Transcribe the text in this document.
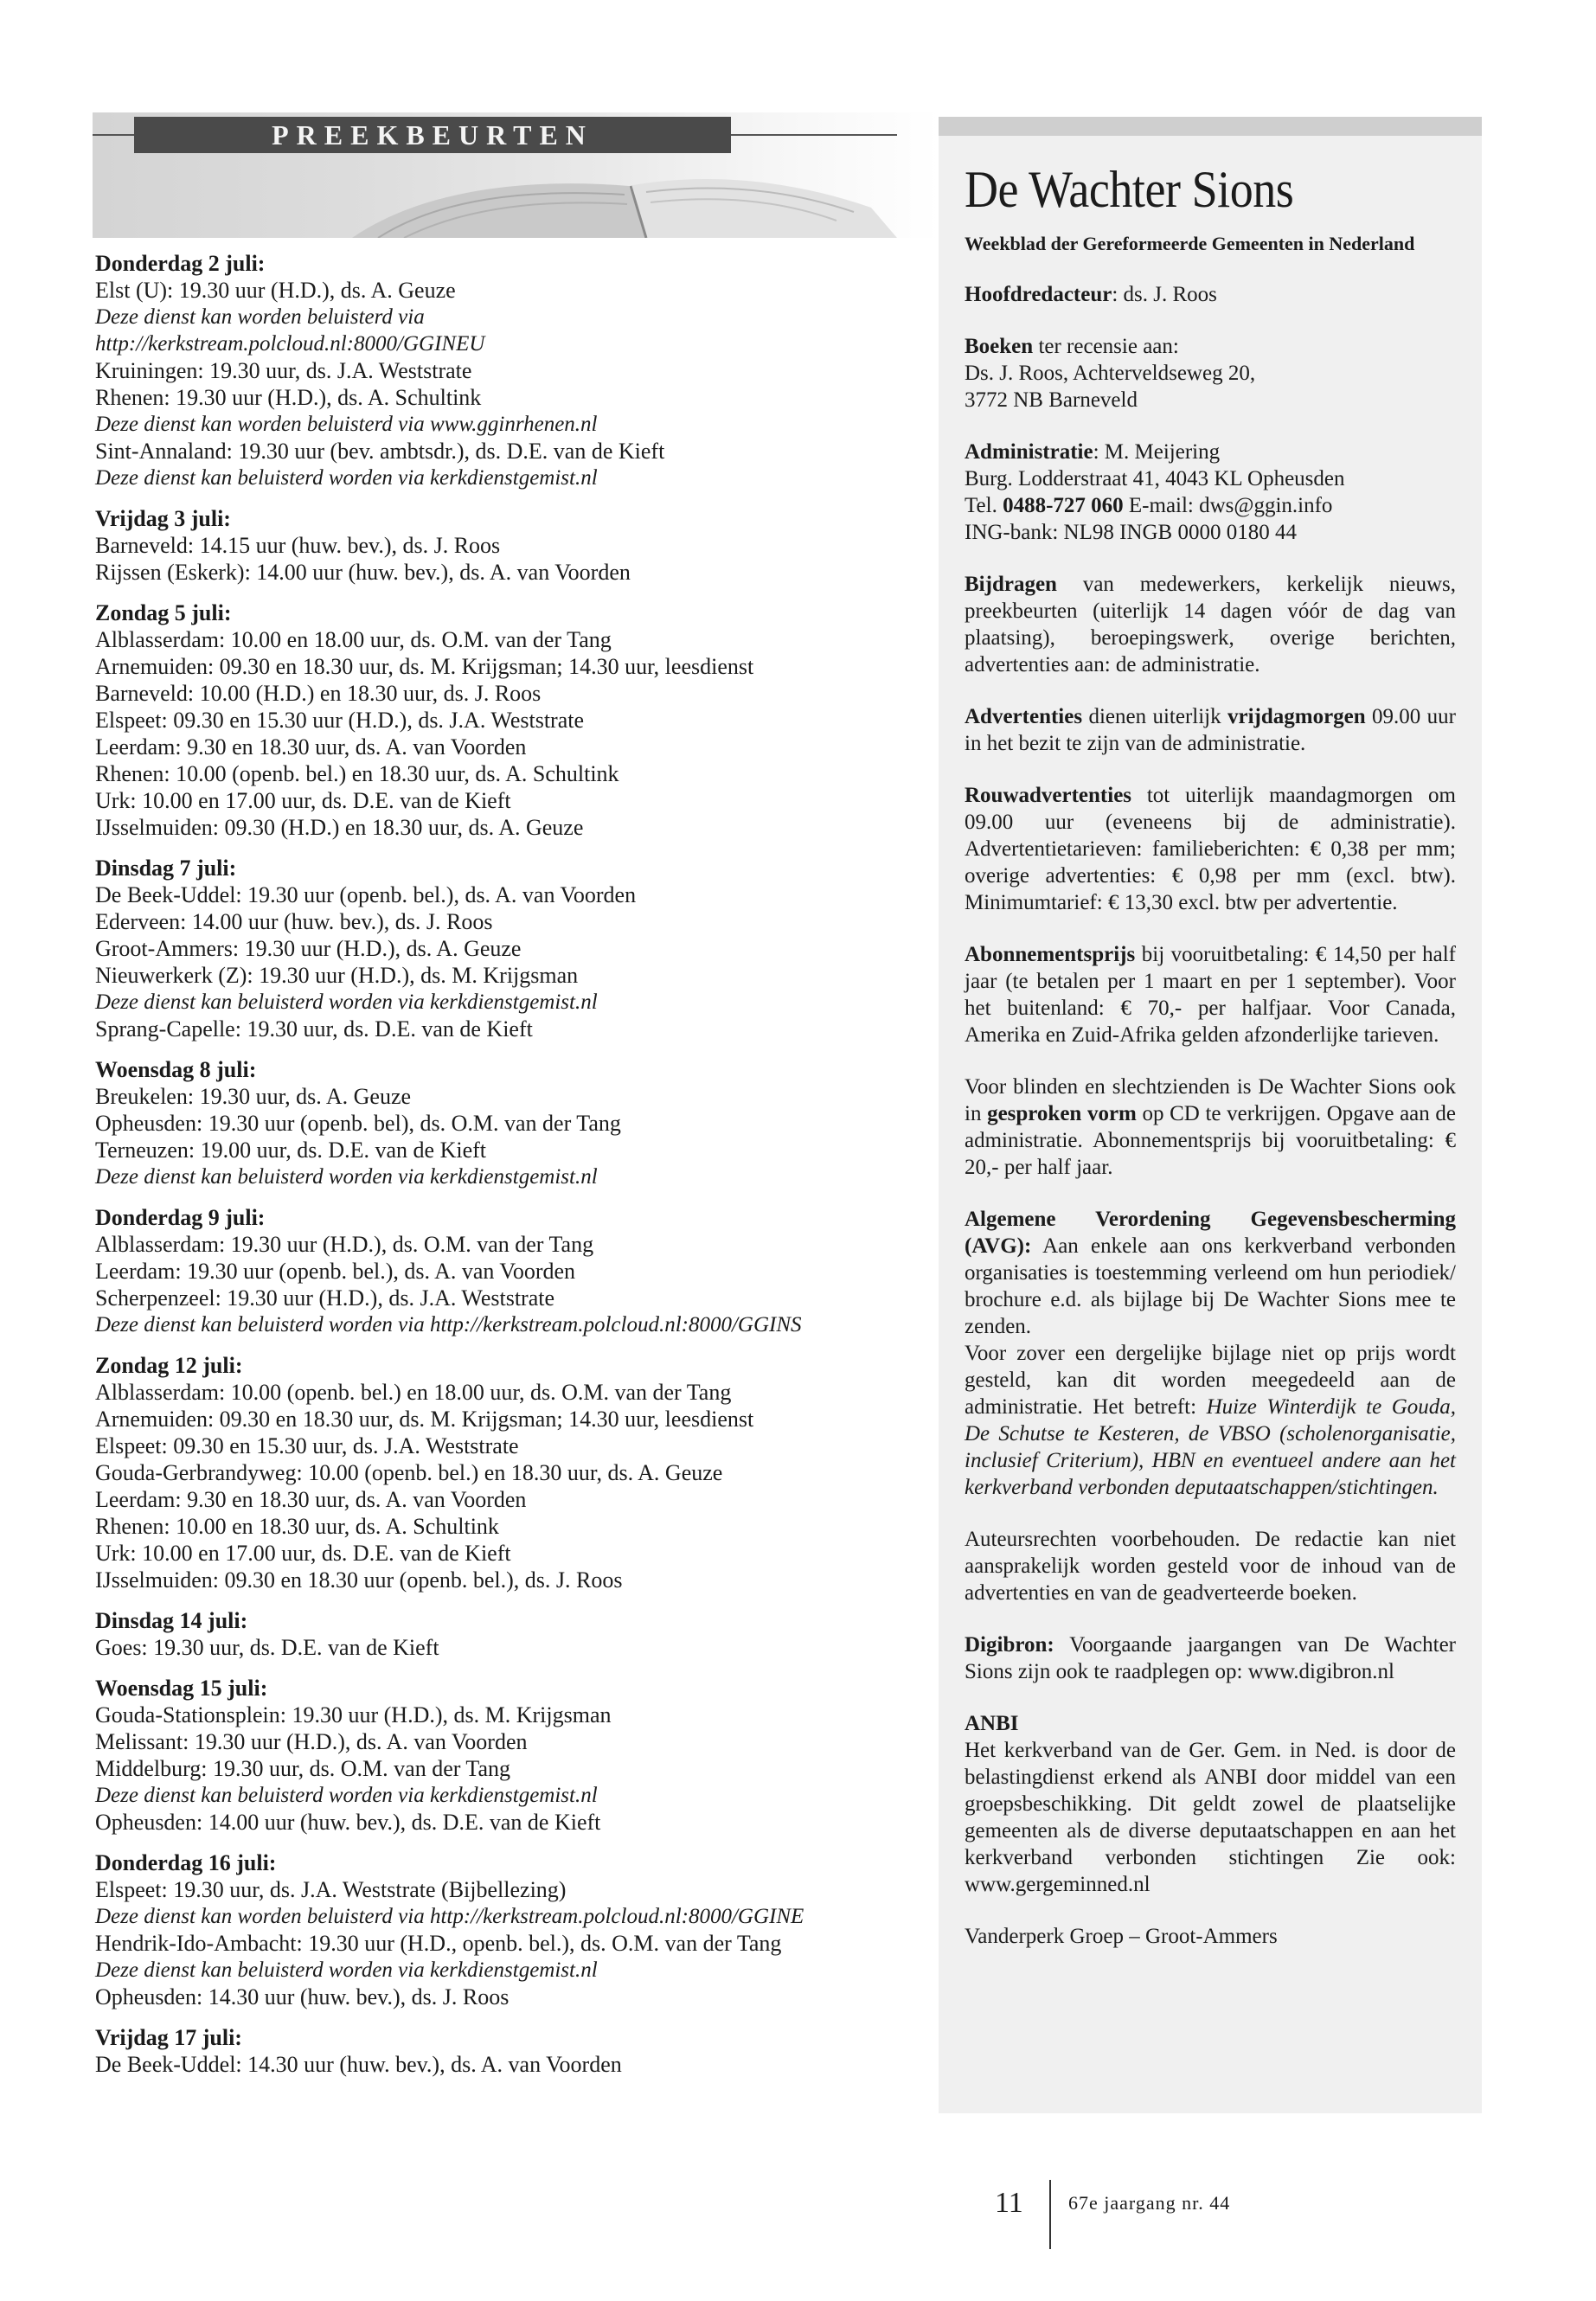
PREEKBEURTEN

Donderdag 2 juli:

Elst (U): 19.30 uur (H.D.), ds. A. Geuze

Deze dienst kan worden beluisterd via

http://kerkstream.polcloud.nl:8000/GGINEU

Kruiningen: 19.30 uur, ds. J.A. Weststrate

Rhenen: 19.30 uur (H.D.), ds. A. Schultink

Deze dienst kan worden beluisterd via www.gginrhenen.nl

Sint-Annaland: 19.30 uur (bev. ambtsdr.), ds. D.E. van de Kieft

Deze dienst kan beluisterd worden via kerkdienstgemist.nl

Vrijdag 3 juli:

Barneveld: 14.15 uur (huw. bev.), ds. J. Roos

Rijssen (Eskerk): 14.00 uur (huw. bev.), ds. A. van Voorden

Zondag 5 juli:

Alblasserdam: 10.00 en 18.00 uur, ds. O.M. van der Tang

Arnemuiden: 09.30 en 18.30 uur, ds. M. Krijgsman; 14.30 uur, leesdienst

Barneveld: 10.00 (H.D.) en 18.30 uur, ds. J. Roos

Elspeet: 09.30 en 15.30 uur (H.D.), ds. J.A. Weststrate

Leerdam: 9.30 en 18.30 uur, ds. A. van Voorden

Rhenen: 10.00 (openb. bel.) en 18.30 uur, ds. A. Schultink

Urk: 10.00 en 17.00 uur, ds. D.E. van de Kieft

IJsselmuiden: 09.30 (H.D.) en 18.30 uur, ds. A. Geuze

Dinsdag 7 juli:

De Beek-Uddel: 19.30 uur (openb. bel.), ds. A. van Voorden

Ederveen: 14.00 uur (huw. bev.), ds. J. Roos

Groot-Ammers: 19.30 uur (H.D.), ds. A. Geuze

Nieuwerkerk (Z): 19.30 uur (H.D.), ds. M. Krijgsman

Deze dienst kan beluisterd worden via kerkdienstgemist.nl

Sprang-Capelle: 19.30 uur, ds. D.E. van de Kieft

Woensdag 8 juli:

Breukelen: 19.30 uur, ds. A. Geuze

Opheusden: 19.30 uur (openb. bel), ds. O.M. van der Tang

Terneuzen: 19.00 uur, ds. D.E. van de Kieft

Deze dienst kan beluisterd worden via kerkdienstgemist.nl

Donderdag 9 juli:

Alblasserdam: 19.30 uur (H.D.), ds. O.M. van der Tang

Leerdam: 19.30 uur (openb. bel.), ds. A. van Voorden

Scherpenzeel: 19.30 uur (H.D.), ds. J.A. Weststrate

Deze dienst kan beluisterd worden via http://kerkstream.polcloud.nl:8000/GGINS

Zondag 12 juli:

Alblasserdam: 10.00 (openb. bel.) en 18.00 uur, ds. O.M. van der Tang

Arnemuiden: 09.30 en 18.30 uur, ds. M. Krijgsman; 14.30 uur, leesdienst

Elspeet: 09.30 en 15.30 uur, ds. J.A. Weststrate

Gouda-Gerbrandyweg: 10.00 (openb. bel.) en 18.30 uur, ds. A. Geuze

Leerdam: 9.30 en 18.30 uur, ds. A. van Voorden

Rhenen: 10.00 en 18.30 uur, ds. A. Schultink

Urk: 10.00 en 17.00 uur, ds. D.E. van de Kieft

IJsselmuiden: 09.30 en 18.30 uur (openb. bel.), ds. J. Roos

Dinsdag 14 juli:

Goes: 19.30 uur, ds. D.E. van de Kieft

Woensdag 15 juli:

Gouda-Stationsplein: 19.30 uur (H.D.), ds. M. Krijgsman

Melissant: 19.30 uur (H.D.), ds. A. van Voorden

Middelburg: 19.30 uur, ds. O.M. van der Tang

Deze dienst kan beluisterd worden via kerkdienstgemist.nl

Opheusden: 14.00 uur (huw. bev.), ds. D.E. van de Kieft

Donderdag 16 juli:

Elspeet: 19.30 uur, ds. J.A. Weststrate (Bijbellezing)

Deze dienst kan worden beluisterd via http://kerkstream.polcloud.nl:8000/GGINE

Hendrik-Ido-Ambacht: 19.30 uur (H.D., openb. bel.), ds. O.M. van der Tang

Deze dienst kan beluisterd worden via kerkdienstgemist.nl

Opheusden: 14.30 uur (huw. bev.), ds. J. Roos

Vrijdag 17 juli:

De Beek-Uddel: 14.30 uur (huw. bev.), ds. A. van Voorden

De Wachter Sions
Weekblad der Gereformeerde Gemeenten in Nederland

Hoofdredacteur: ds. J. Roos

Boeken ter recensie aan:
Ds. J. Roos, Achterveldseweg 20,
3772 NB Barneveld

Administratie: M. Meijering
Burg. Lodderstraat 41, 4043 KL Opheusden
Tel. 0488-727 060 E-mail: dws@ggin.info
ING-bank: NL98 INGB 0000 0180 44

Bijdragen van medewerkers, kerkelijk nieuws, preekbeurten (uiterlijk 14 dagen vóór de dag van plaatsing), beroepingswerk, overige berichten, advertenties aan: de administratie.

Advertenties dienen uiterlijk vrijdagmorgen 09.00 uur in het bezit te zijn van de administratie.

Rouwadvertenties tot uiterlijk maandagmorgen om 09.00 uur (eveneens bij de administratie). Advertentietarieven: familieberichten: € 0,38 per mm; overige advertenties: € 0,98 per mm (excl. btw). Minimumtarief: € 13,30 excl. btw per advertentie.

Abonnementsprijs bij vooruitbetaling: € 14,50 per half jaar (te betalen per 1 maart en per 1 september). Voor het buitenland: € 70,- per halfjaar. Voor Canada, Amerika en Zuid-Afrika gelden afzonderlijke tarieven.

Voor blinden en slechtzienden is De Wachter Sions ook in gesproken vorm op CD te verkrijgen. Opgave aan de administratie. Abonnementsprijs bij vooruitbetaling: € 20,- per half jaar.

Algemene Verordening Gegevensbescherming (AVG): Aan enkele aan ons kerkverband verbonden organisaties is toestemming verleend om hun periodiek/ brochure e.d. als bijlage bij De Wachter Sions mee te zenden.

Voor zover een dergelijke bijlage niet op prijs wordt gesteld, kan dit worden meegedeeld aan de administratie. Het betreft: Huize Winterdijk te Gouda, De Schutse te Kesteren, de VBSO (scholenorganisatie, inclusief Criterium), HBN en eventueel andere aan het kerkverband verbonden deputaatschappen/stichtingen.

Auteursrechten voorbehouden. De redactie kan niet aansprakelijk worden gesteld voor de inhoud van de advertenties en van de geadverteerde boeken.

Digibron: Voorgaande jaargangen van De Wachter Sions zijn ook te raadplegen op: www.digibron.nl

ANBI
Het kerkverband van de Ger. Gem. in Ned. is door de belastingdienst erkend als ANBI door middel van een groepsbeschikking. Dit geldt zowel de plaatselijke gemeenten als de diverse deputaatschappen en aan het kerkverband verbonden stichtingen Zie ook: www.gergeminned.nl

Vanderperk Groep – Groot-Ammers

11 67e jaargang nr. 44
